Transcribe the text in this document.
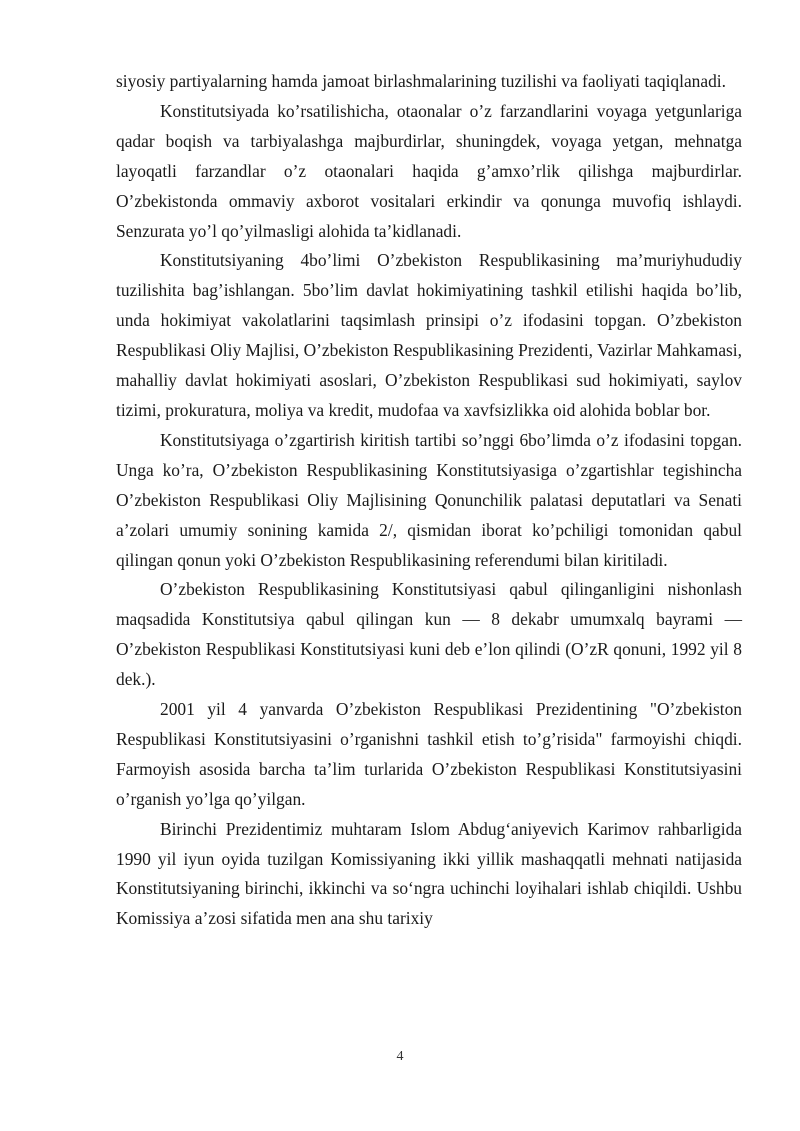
siyosiy partiyalarning hamda jamoat birlashmalarining tuzilishi va faoliyati taqiqlanadi.

Konstitutsiyada ko’rsatilishicha, otaonalar o’z farzandlarini voyaga yetgunlariga qadar boqish va tarbiyalashga majburdirlar, shuningdek, voyaga yetgan, mehnatga layoqatli farzandlar o’z otaonalari haqida g’amxo’rlik qilishga majburdirlar. O’zbekistonda ommaviy axborot vositalari erkindir va qonunga muvofiq ishlaydi. Senzurata yo’l qo’yilmasligi alohida ta’kidlanadi.

Konstitutsiyaning 4bo’limi O’zbekiston Respublikasining ma’muriyhududiy tuzilishita bag’ishlangan. 5bo’lim davlat hokimiyatining tashkil etilishi haqida bo’lib, unda hokimiyat vakolatlarini taqsimlash prinsipi o’z ifodasini topgan. O’zbekiston Respublikasi Oliy Majlisi, O’zbekiston Respublikasining Prezidenti, Vazirlar Mahkamasi, mahalliy davlat hokimiyati asoslari, O’zbekiston Respublikasi sud hokimiyati, saylov tizimi, prokuratura, moliya va kredit, mudofaa va xavfsizlikka oid alohida boblar bor.

Konstitutsiyaga o’zgartirish kiritish tartibi so’nggi 6bo’limda o’z ifodasini topgan. Unga ko’ra, O’zbekiston Respublikasining Konstitutsiyasiga o’zgartishlar tegishincha O’zbekiston Respublikasi Oliy Majlisining Qonunchilik palatasi deputatlari va Senati a’zolari umumiy sonining kamida 2/, qismidan iborat ko’pchiligi tomonidan qabul qilingan qonun yoki O’zbekiston Respublikasining referendumi bilan kiritiladi.

O’zbekiston Respublikasining Konstitutsiyasi qabul qilinganligini nishonlash maqsadida Konstitutsiya qabul qilingan kun — 8 dekabr umumxalq bayrami — O’zbekiston Respublikasi Konstitutsiyasi kuni deb e’lon qilindi (O’zR qonuni, 1992 yil 8 dek.).

2001 yil 4 yanvarda O’zbekiston Respublikasi Prezidentining "O’zbekiston Respublikasi Konstitutsiyasini o’rganishni tashkil etish to’g’risida" farmoyishi chiqdi. Farmoyish asosida barcha ta’lim turlarida O’zbekiston Respublikasi Konstitutsiyasini o’rganish yo’lga qo’yilgan.

Birinchi Prezidentimiz muhtaram Islom Abdug‘aniyevich Karimov rahbarligida 1990 yil iyun oyida tuzilgan Komissiyaning ikki yillik mashaqqatli mehnati natijasida Konstitutsiyaning birinchi, ikkinchi va so‘ngra uchinchi loyihalari ishlab chiqildi. Ushbu Komissiya a’zosi sifatida men ana shu tarixiy

4
